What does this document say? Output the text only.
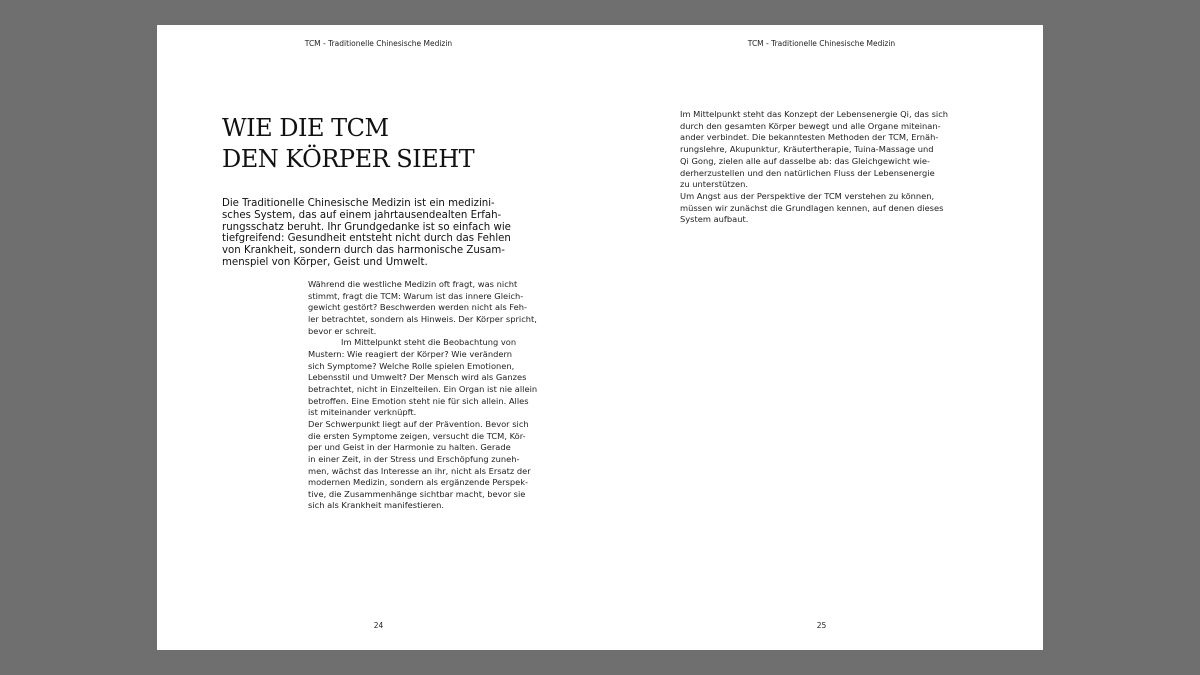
TCM - Traditionelle Chinesische Medizin
WIE DIE TCM
DEN KÖRPER SIEHT

Die Traditionelle Chinesische Medizin ist ein medizini-
sches System, das auf einem jahrtausendealten Erfah-
rungsschatz beruht. Ihr Grundgedanke ist so einfach wie
tiefgreifend: Gesundheit entsteht nicht durch das Fehlen
von Krankheit, sondern durch das harmonische Zusam-
menspiel von Körper, Geist und Umwelt.

Während die westliche Medizin oft fragt, was nicht
stimmt, fragt die TCM: Warum ist das innere Gleich-
gewicht gestört? Beschwerden werden nicht als Feh-
ler betrachtet, sondern als Hinweis. Der Körper spricht,
bevor er schreit.
Im Mittelpunkt steht die Beobachtung von
Mustern: Wie reagiert der Körper? Wie verändern
sich Symptome? Welche Rolle spielen Emotionen,
Lebensstil und Umwelt? Der Mensch wird als Ganzes
betrachtet, nicht in Einzelteilen. Ein Organ ist nie allein
betroffen. Eine Emotion steht nie für sich allein. Alles
ist miteinander verknüpft.
Der Schwerpunkt liegt auf der Prävention. Bevor sich
die ersten Symptome zeigen, versucht die TCM, Kör-
per und Geist in der Harmonie zu halten. Gerade
in einer Zeit, in der Stress und Erschöpfung zuneh-
men, wächst das Interesse an ihr, nicht als Ersatz der
modernen Medizin, sondern als ergänzende Perspek-
tive, die Zusammenhänge sichtbar macht, bevor sie
sich als Krankheit manifestieren.

24
TCM - Traditionelle Chinesische Medizin

Im Mittelpunkt steht das Konzept der Lebensenergie Qi, das sich
durch den gesamten Körper bewegt und alle Organe miteinan-
ander verbindet. Die bekanntesten Methoden der TCM, Ernäh-
rungslehre, Akupunktur, Kräutertherapie, Tuina-Massage und
Qi Gong, zielen alle auf dasselbe ab: das Gleichgewicht wie-
derherzustellen und den natürlichen Fluss der Lebensenergie
zu unterstützen.
Um Angst aus der Perspektive der TCM verstehen zu können,
müssen wir zunächst die Grundlagen kennen, auf denen dieses
System aufbaut.

25
